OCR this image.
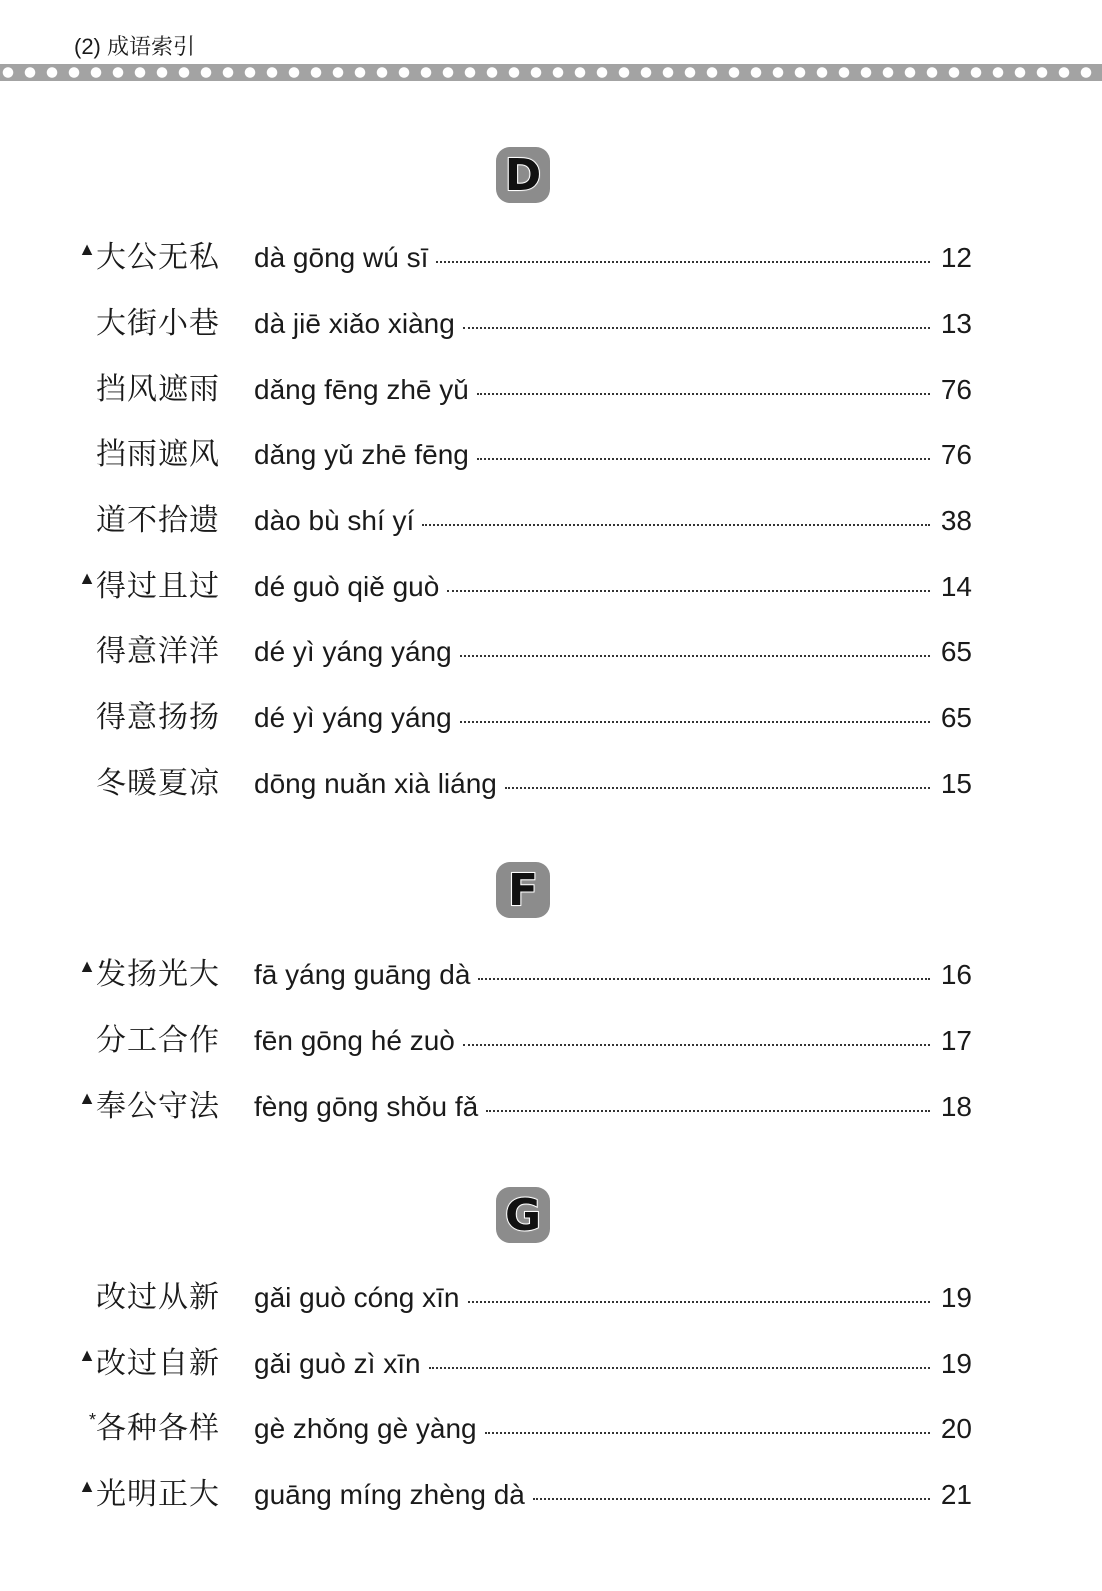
(2) 成语索引
D
▲ 大公无私	dà gōng wú sī	12
大街小巷	dà jiē xiǎo xiàng	13
挡风遮雨	dǎng fēng zhē yǔ	76
挡雨遮风	dǎng yǔ zhē fēng	76
道不拾遗	dào bù shí yí	38
▲ 得过且过	dé guò qiě guò	14
得意洋洋	dé yì yáng yáng	65
得意扬扬	dé yì yáng yáng	65
冬暖夏凉	dōng nuǎn xià liáng	15
F
▲ 发扬光大	fā yáng guāng dà	16
分工合作	fēn gōng hé zuò	17
▲ 奉公守法	fèng gōng shǒu fǎ	18
G
改过从新	gǎi guò cóng xīn	19
▲ 改过自新	gǎi guò zì xīn	19
* 各种各样	gè zhǒng gè yàng	20
▲ 光明正大	guāng míng zhèng dà	21
